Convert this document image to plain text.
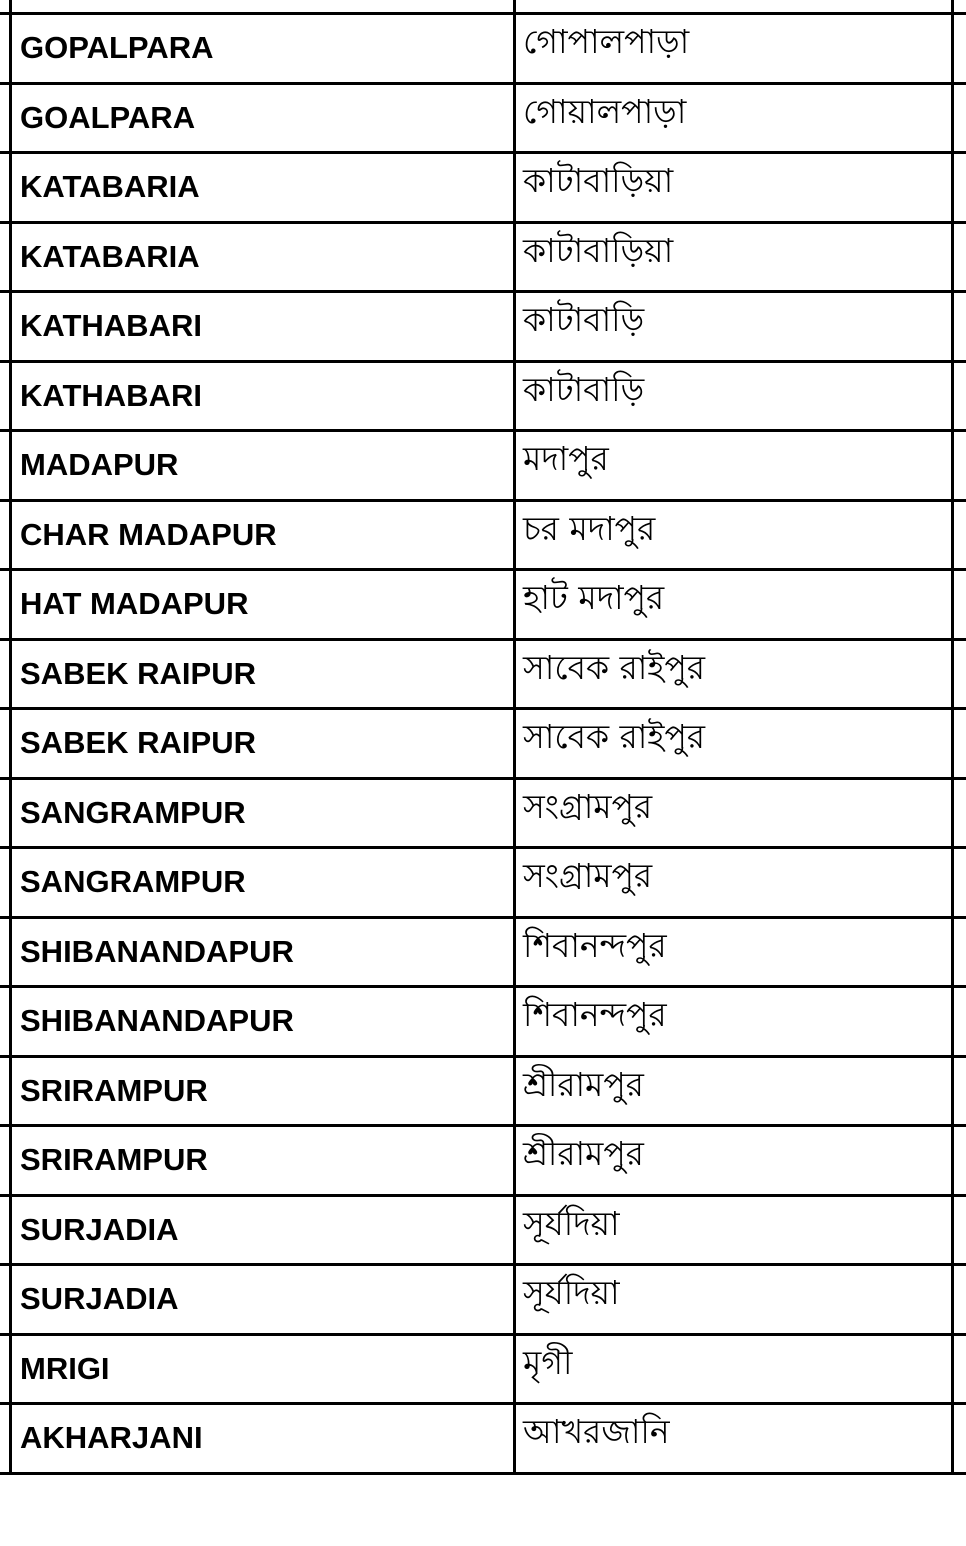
GOPALPARA	গোপালপাড়া
GOALPARA	গোয়ালপাড়া
KATABARIA	কাটাবাড়িয়া
KATABARIA	কাটাবাড়িয়া
KATHABARI	কাটাবাড়ি
KATHABARI	কাটাবাড়ি
MADAPUR	মদাপুর
CHAR MADAPUR	চর মদাপুর
HAT MADAPUR	হাট মদাপুর
SABEK RAIPUR	সাবেক রাইপুর
SABEK RAIPUR	সাবেক রাইপুর
SANGRAMPUR	সংগ্রামপুর
SANGRAMPUR	সংগ্রামপুর
SHIBANANDAPUR	শিবানন্দপুর
SHIBANANDAPUR	শিবানন্দপুর
SRIRAMPUR	শ্রীরামপুর
SRIRAMPUR	শ্রীরামপুর
SURJADIA	সূর্যদিয়া
SURJADIA	সূর্যদিয়া
MRIGI	মৃগী
AKHARJANI	আখরজানি
